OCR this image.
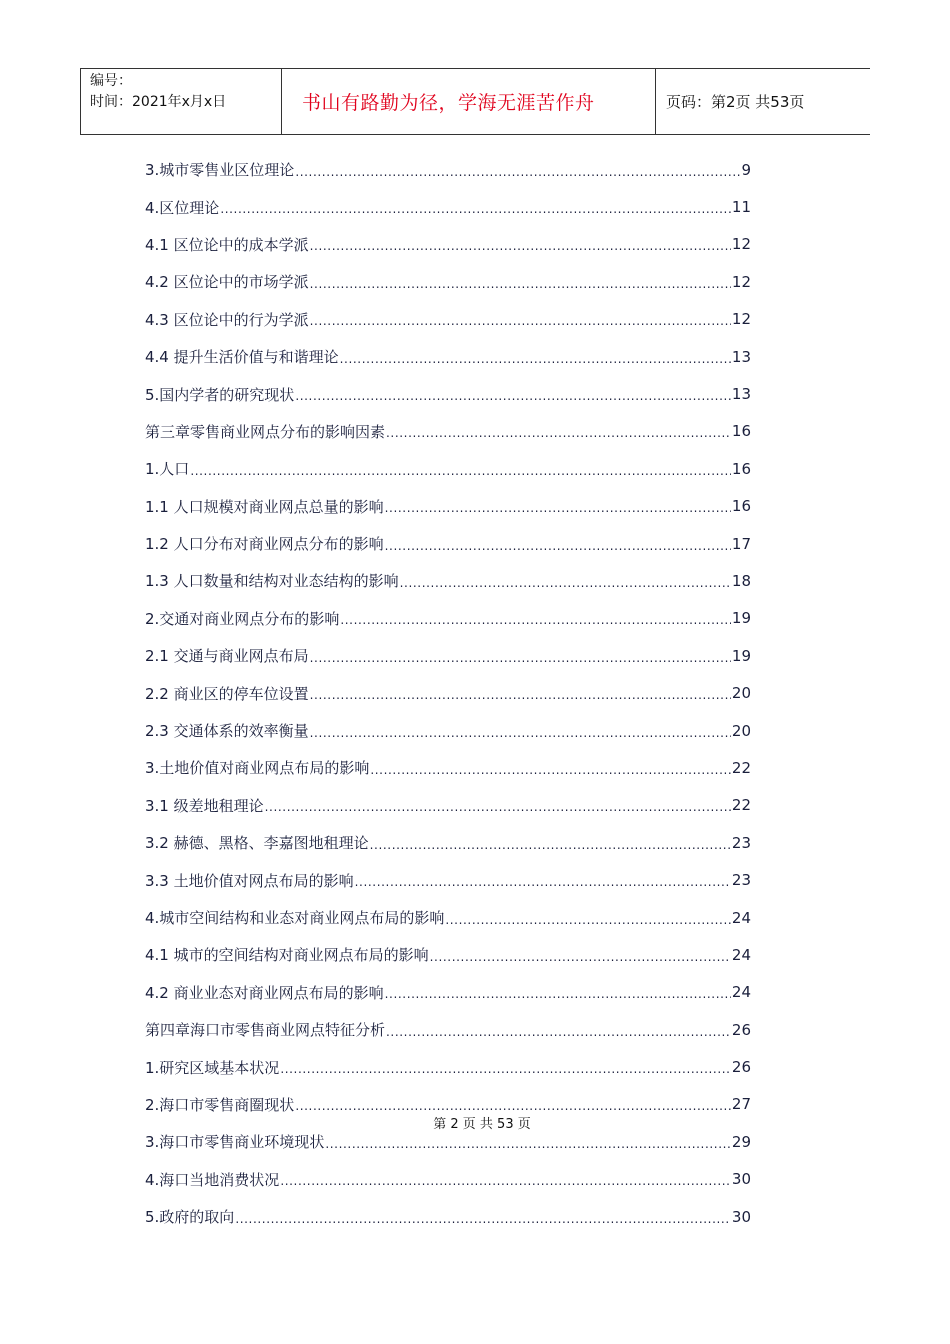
编号：
时间：2021年x月x日	书山有路勤为径，学海无涯苦作舟	页码：第2页 共53页
3.城市零售业区位理论 .....	9
4.区位理论 .....	11
4.1 区位论中的成本学派 .....	12
4.2 区位论中的市场学派 .....	12
4.3 区位论中的行为学派 .....	12
4.4 提升生活价值与和谐理论 .....	13
5.国内学者的研究现状 .....	13
第三章零售商业网点分布的影响因素 .....	16
1.人口 .....	16
1.1 人口规模对商业网点总量的影响 .....	16
1.2 人口分布对商业网点分布的影响 .....	17
1.3 人口数量和结构对业态结构的影响 .....	18
2.交通对商业网点分布的影响 .....	19
2.1 交通与商业网点布局 .....	19
2.2 商业区的停车位设置 .....	20
2.3 交通体系的效率衡量 .....	20
3.土地价值对商业网点布局的影响 .....	22
3.1 级差地租理论 .....	22
3.2 赫德、黑格、李嘉图地租理论 .....	23
3.3 土地价值对网点布局的影响 .....	23
4.城市空间结构和业态对商业网点布局的影响 .....	24
4.1 城市的空间结构对商业网点布局的影响 .....	24
4.2 商业业态对商业网点布局的影响 .....	24
第四章海口市零售商业网点特征分析 .....	26
1.研究区域基本状况 .....	26
2.海口市零售商圈现状 .....	27
3.海口市零售商业环境现状 .....	29
4.海口当地消费状况 .....	30
5.政府的取向 .....	30
第 2 页 共 53 页
